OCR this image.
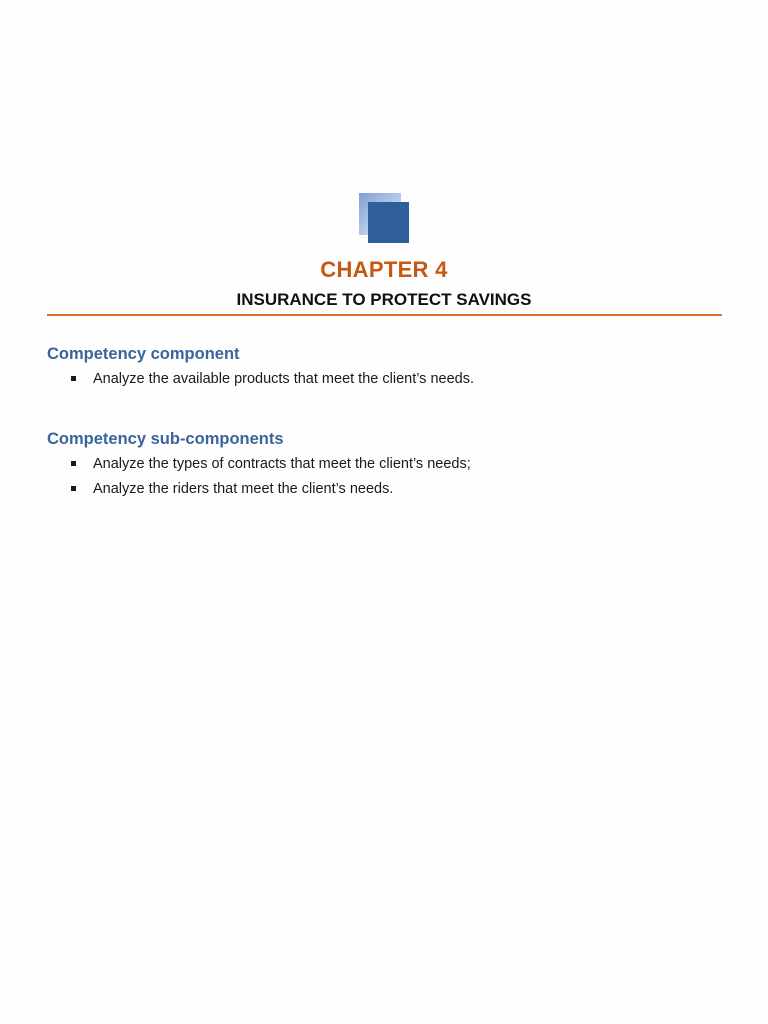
CHAPTER 4
INSURANCE TO PROTECT SAVINGS
Competency component
Analyze the available products that meet the client’s needs.
Competency sub-components
Analyze the types of contracts that meet the client’s needs;
Analyze the riders that meet the client’s needs.
